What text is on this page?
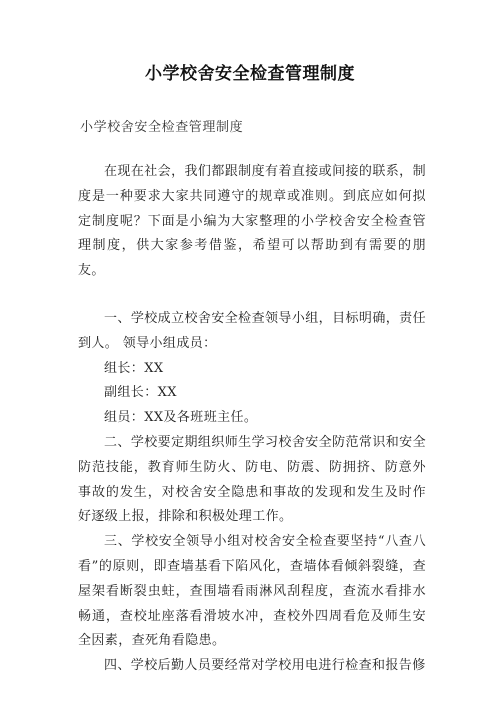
小学校舍安全检查管理制度
小学校舍安全检查管理制度

在现在社会，我们都跟制度有着直接或间接的联系，制度是一种要求大家共同遵守的规章或准则。到底应如何拟定制度呢？下面是小编为大家整理的小学校舍安全检查管理制度，供大家参考借鉴，希望可以帮助到有需要的朋友。

一、学校成立校舍安全检查领导小组，目标明确，责任到人。 领导小组成员：

组长：XX

副组长：XX

组员：XX及各班班主任。

二、学校要定期组织师生学习校舍安全防范常识和安全防范技能，教育师生防火、防电、防震、防拥挤、防意外事故的发生，对校舍安全隐患和事故的发现和发生及时作好逐级上报，排除和积极处理工作。

三、学校安全领导小组对校舍安全检查要坚持“八查八看”的原则，即查墙基看下陷风化，查墙体看倾斜裂缝，查屋架看断裂虫蛀，查围墙看雨淋风刮程度，查流水看排水畅通，查校址座落看滑坡水冲，查校外四周看危及师生安全因素，查死角看隐患。

四、学校后勤人员要经常对学校用电进行检查和报告修
